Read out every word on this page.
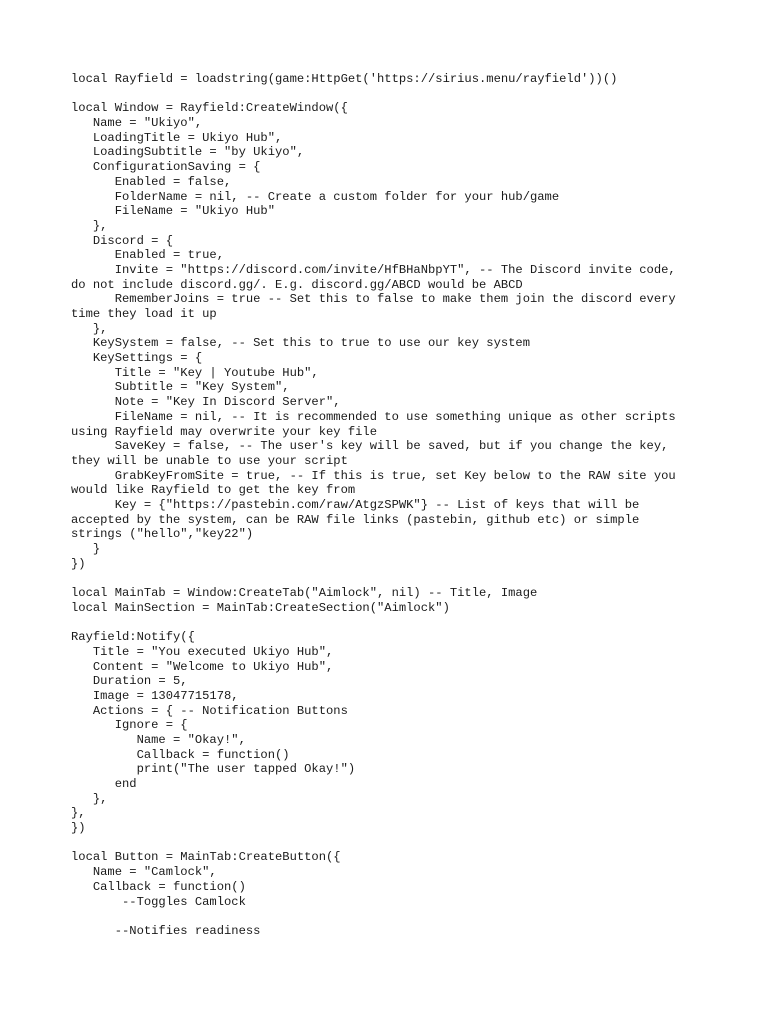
local Rayfield = loadstring(game:HttpGet('https://sirius.menu/rayfield'))()
local Window = Rayfield:CreateWindow({
Name = "Ukiyo",
LoadingTitle = Ukiyo Hub",
LoadingSubtitle = "by Ukiyo",
ConfigurationSaving = {
Enabled = false,
FolderName = nil, -- Create a custom folder for your hub/game
FileName = "Ukiyo Hub"
},
Discord = {
Enabled = true,
Invite = "https://discord.com/invite/HfBHaNbpYT", -- The Discord invite code,
do not include discord.gg/. E.g. discord.gg/ABCD would be ABCD
RememberJoins = true -- Set this to false to make them join the discord every
time they load it up
},
KeySystem = false, -- Set this to true to use our key system
KeySettings = {
Title = "Key | Youtube Hub",
Subtitle = "Key System",
Note = "Key In Discord Server",
FileName = nil, -- It is recommended to use something unique as other scripts
using Rayfield may overwrite your key file
SaveKey = false, -- The user's key will be saved, but if you change the key,
they will be unable to use your script
GrabKeyFromSite = true, -- If this is true, set Key below to the RAW site you
would like Rayfield to get the key from
Key = {"https://pastebin.com/raw/AtgzSPWK"} -- List of keys that will be
accepted by the system, can be RAW file links (pastebin, github etc) or simple
strings ("hello","key22")
}
})
local MainTab = Window:CreateTab("Aimlock", nil) -- Title, Image
local MainSection = MainTab:CreateSection("Aimlock")
Rayfield:Notify({
Title = "You executed Ukiyo Hub",
Content = "Welcome to Ukiyo Hub",
Duration = 5,
Image = 13047715178,
Actions = { -- Notification Buttons
Ignore = {
Name = "Okay!",
Callback = function()
print("The user tapped Okay!")
end
},
},
})
local Button = MainTab:CreateButton({
Name = "Camlock",
Callback = function()
--Toggles Camlock
--Notifies readiness
